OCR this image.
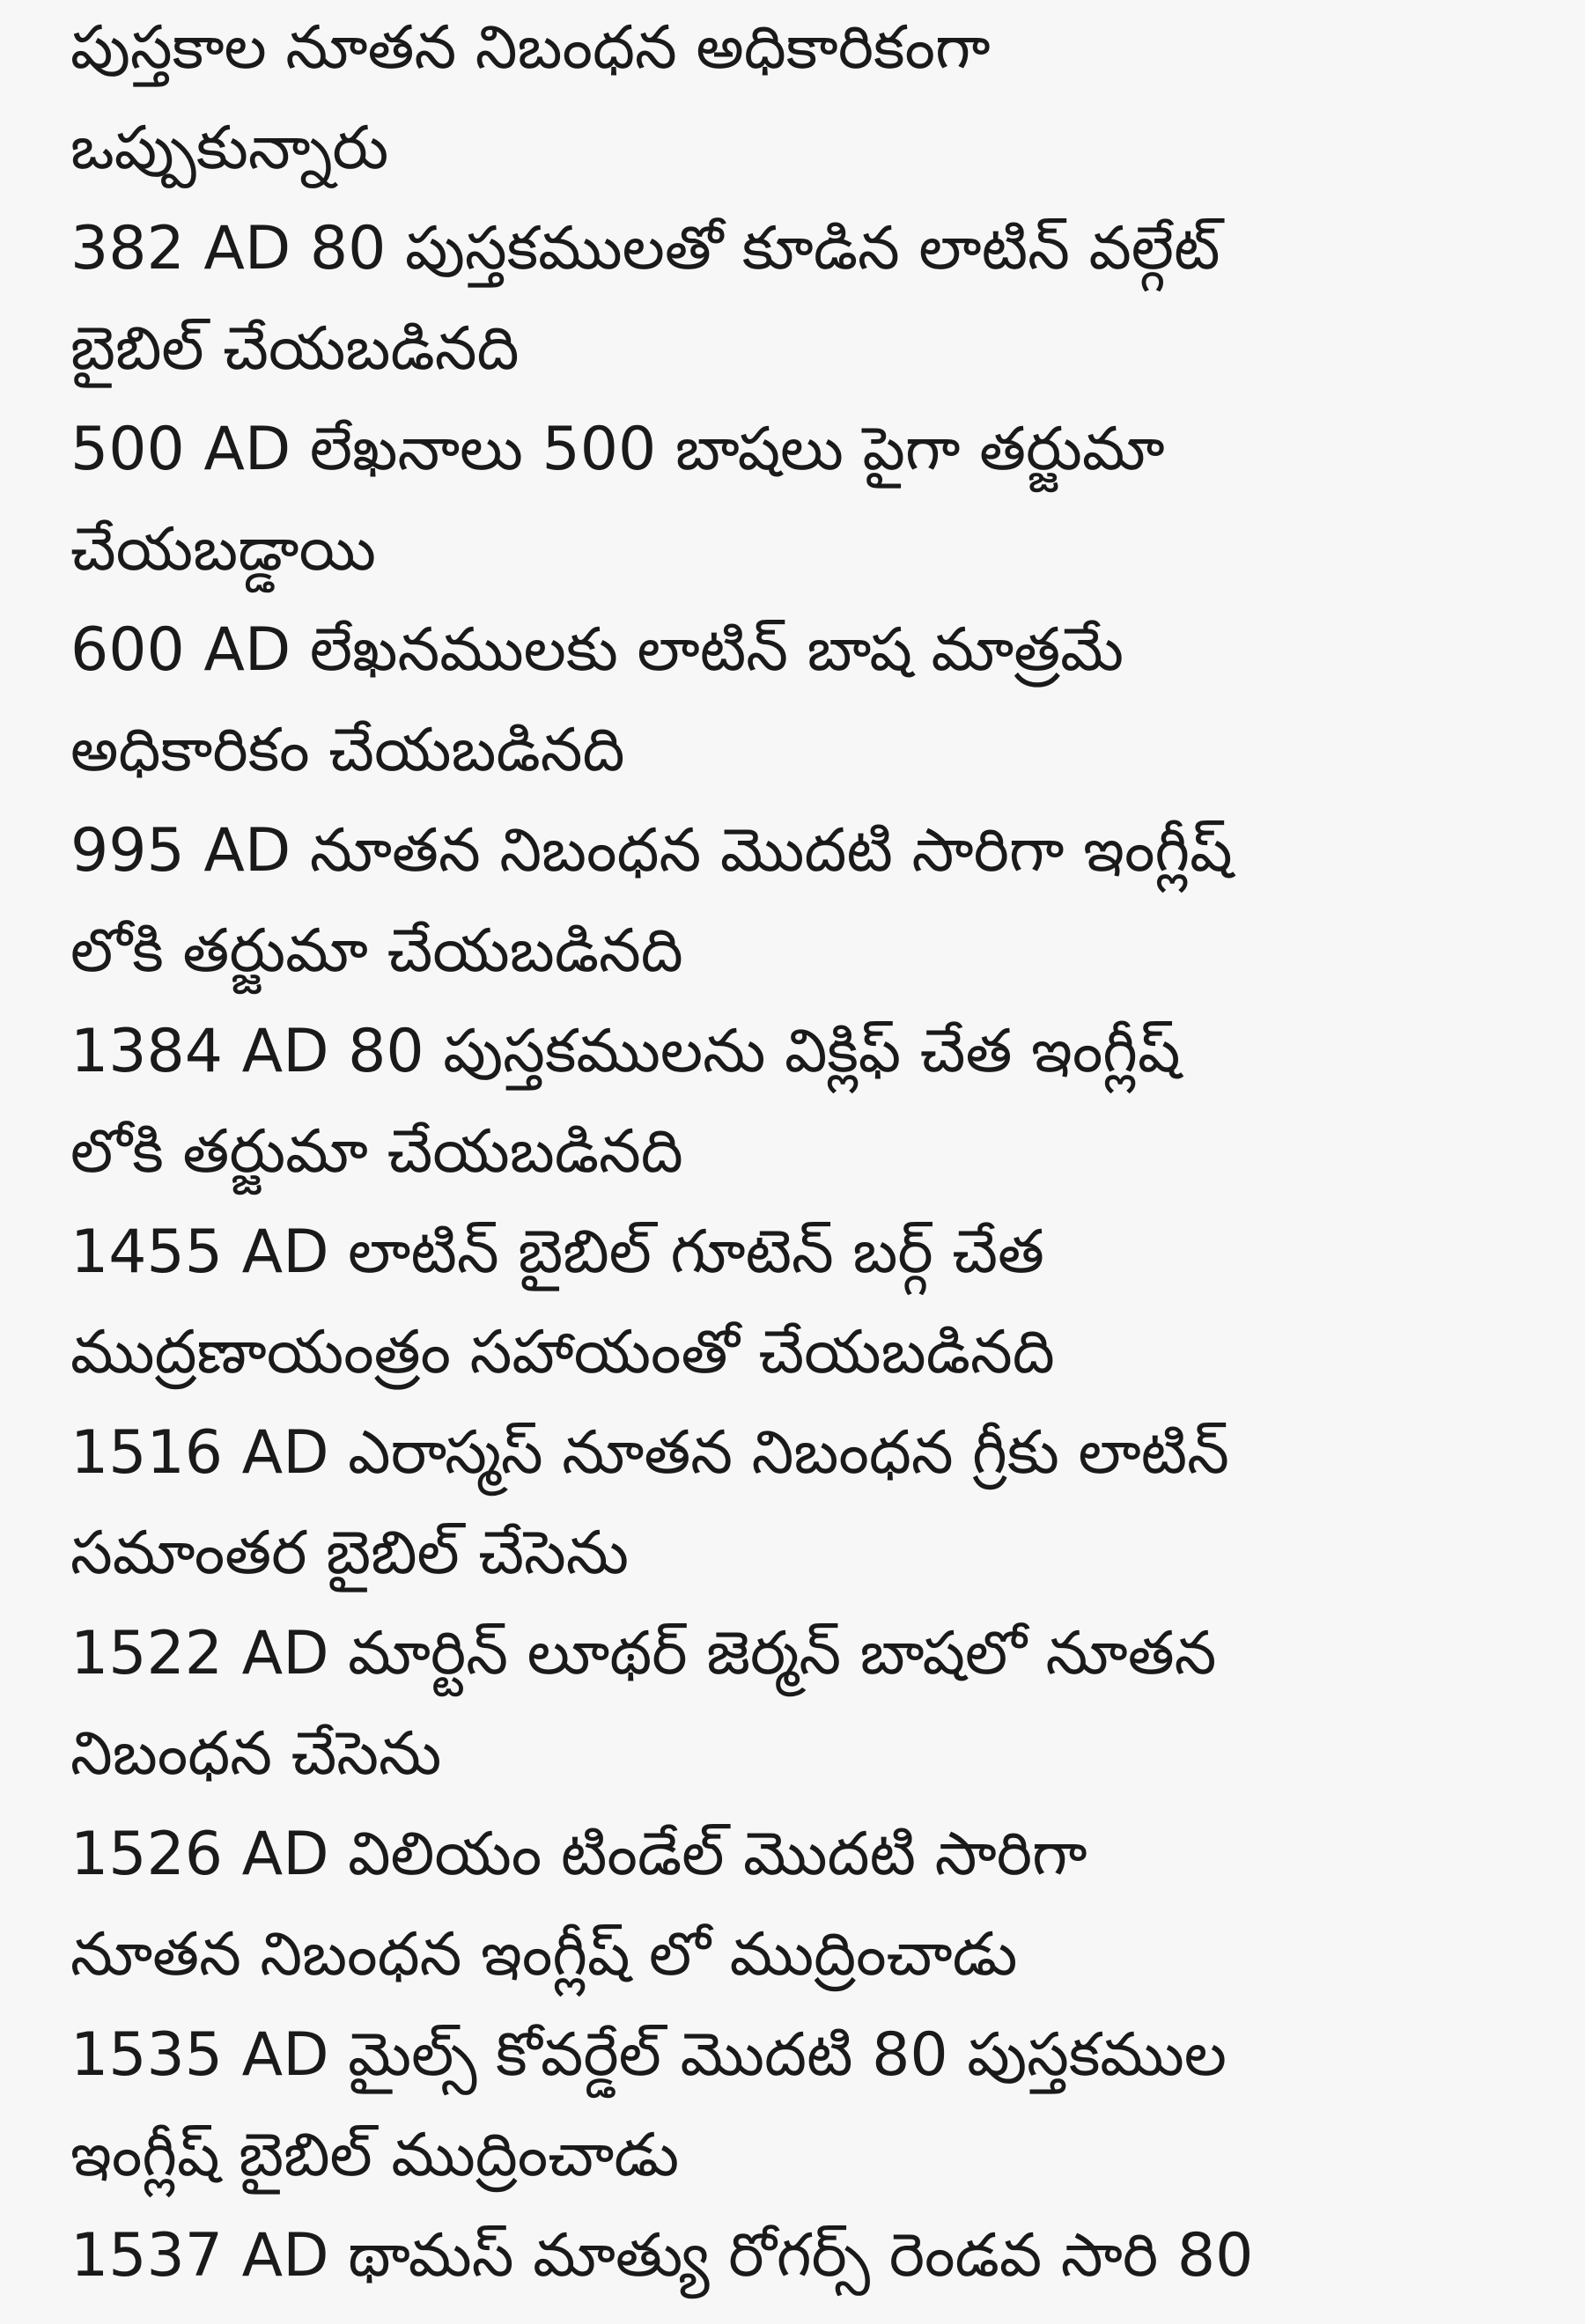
పుస్తకాల నూతన నిబంధన అధికారికంగా
ఒప్పుకున్నారు
382 AD 80 పుస్తకములతో కూడిన లాటిన్ వల్గేట్
బైబిల్ చేయబడినది
500 AD లేఖనాలు 500 బాషలు పైగా తర్జుమా
చేయబడ్డాయి
600 AD లేఖనములకు లాటిన్ బాష మాత్రమే
అధికారికం చేయబడినది
995 AD నూతన నిబంధన మొదటి సారిగా ఇంగ్లీష్
లోకి తర్జుమా చేయబడినది
1384 AD 80 పుస్తకములను విక్లిఫ్ చేత ఇంగ్లీష్
లోకి తర్జుమా చేయబడినది
1455 AD లాటిన్ బైబిల్ గూటెన్ బర్గ్ చేత
ముద్రణాయంత్రం సహాయంతో చేయబడినది
1516 AD ఎరాస్మస్ నూతన నిబంధన గ్రీకు లాటిన్
సమాంతర బైబిల్ చేసెను
1522 AD మార్టిన్ లూథర్ జెర్మన్ బాషలో నూతన
నిబంధన చేసెను
1526 AD విలియం టిండేల్ మొదటి సారిగా
నూతన నిబంధన ఇంగ్లీష్ లో ముద్రించాడు
1535 AD మైల్స్ కోవర్డేల్ మొదటి 80 పుస్తకముల
ఇంగ్లీష్ బైబిల్ ముద్రించాడు
1537 AD థామస్ మాత్యు రోగర్స్ రెండవ సారి 80
